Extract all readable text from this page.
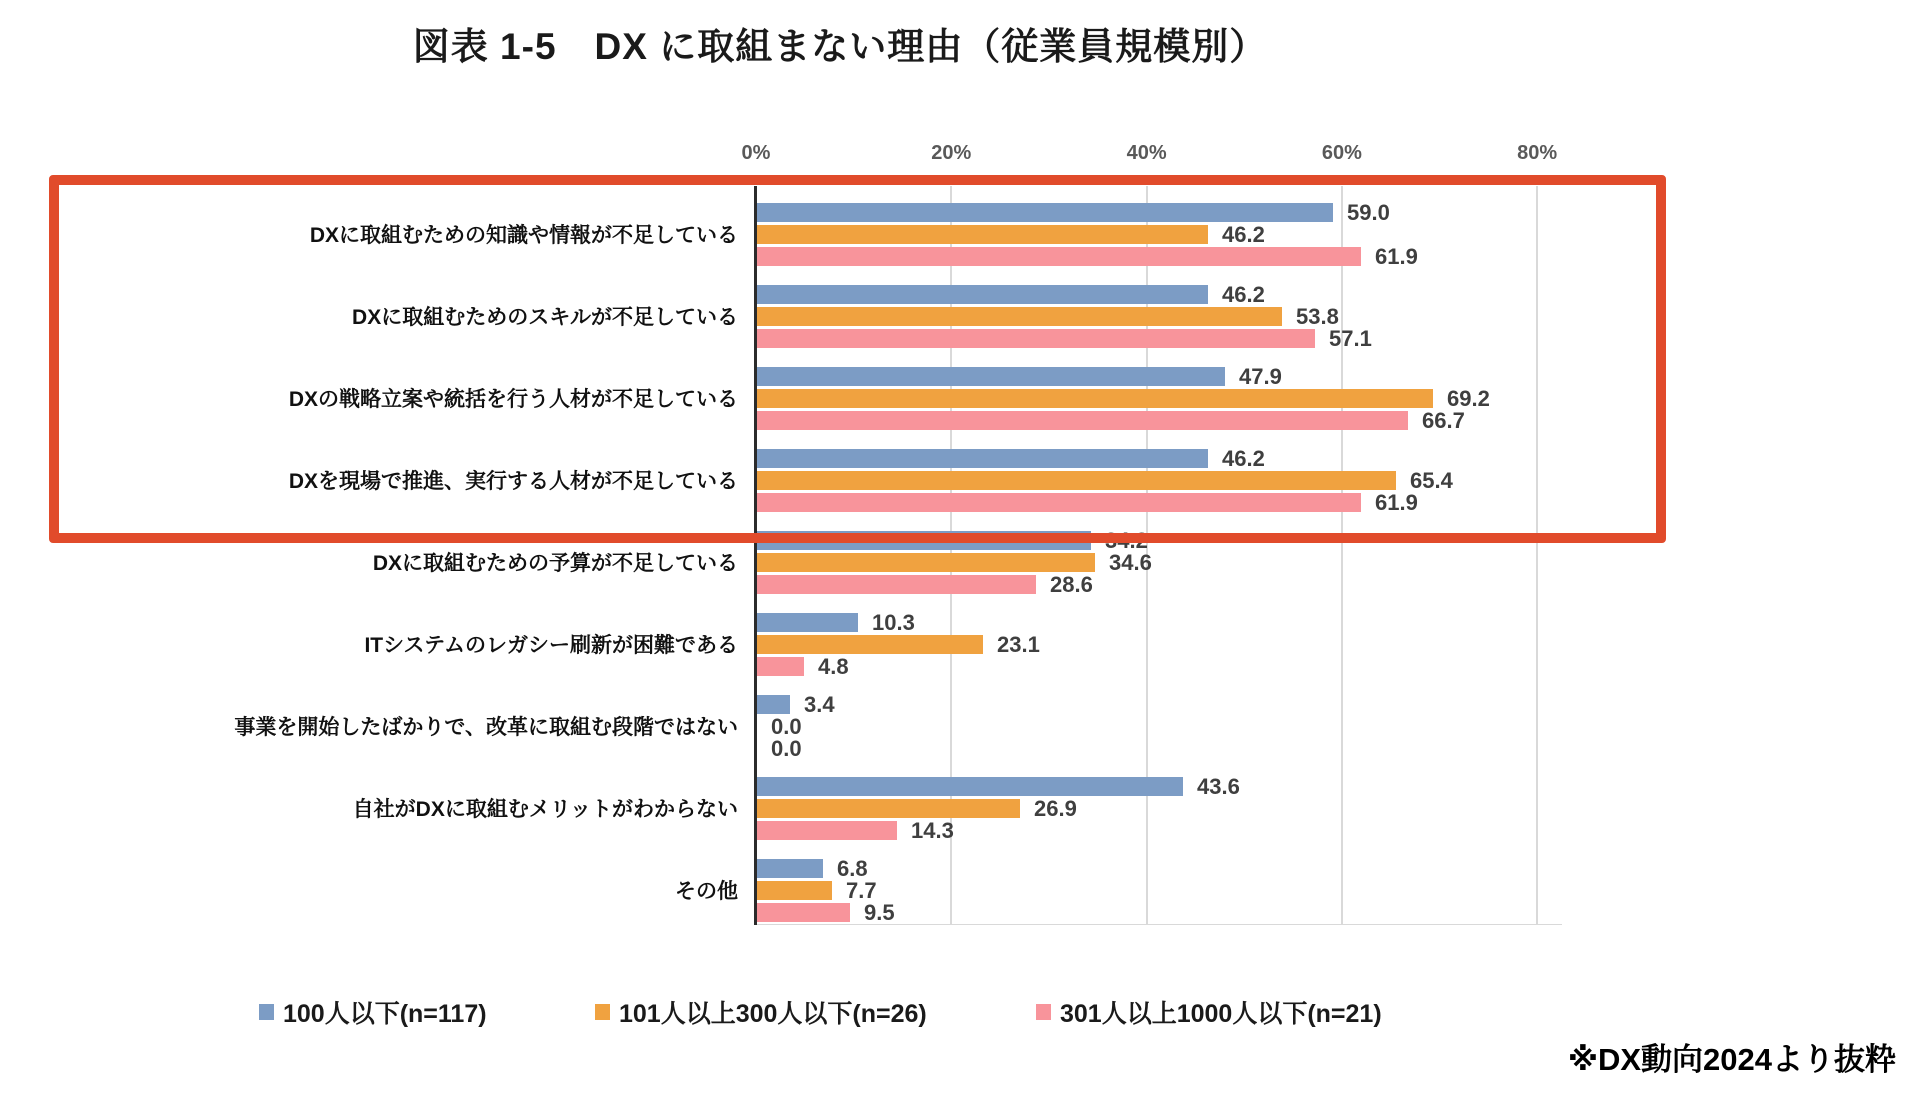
図表 1-5　DX に取組まない理由（従業員規模別）
0%	20%	40%	60%	80%
DXに取組むための知識や情報が不足している
59.0
46.2
61.9
DXに取組むためのスキルが不足している
46.2
53.8
57.1
DXの戦略立案や統括を行う人材が不足している
47.9
69.2
66.7
DXを現場で推進、実行する人材が不足している
46.2
65.4
61.9
DXに取組むための予算が不足している
34.2
34.6
28.6
ITシステムのレガシー刷新が困難である
10.3
23.1
4.8
事業を開始したばかりで、改革に取組む段階ではない
3.4
0.0
0.0
自社がDXに取組むメリットがわからない
43.6
26.9
14.3
その他
6.8
7.7
9.5
100人以下(n=117)	101人以上300人以下(n=26)	301人以上1000人以下(n=21)
※DX動向2024より抜粋
